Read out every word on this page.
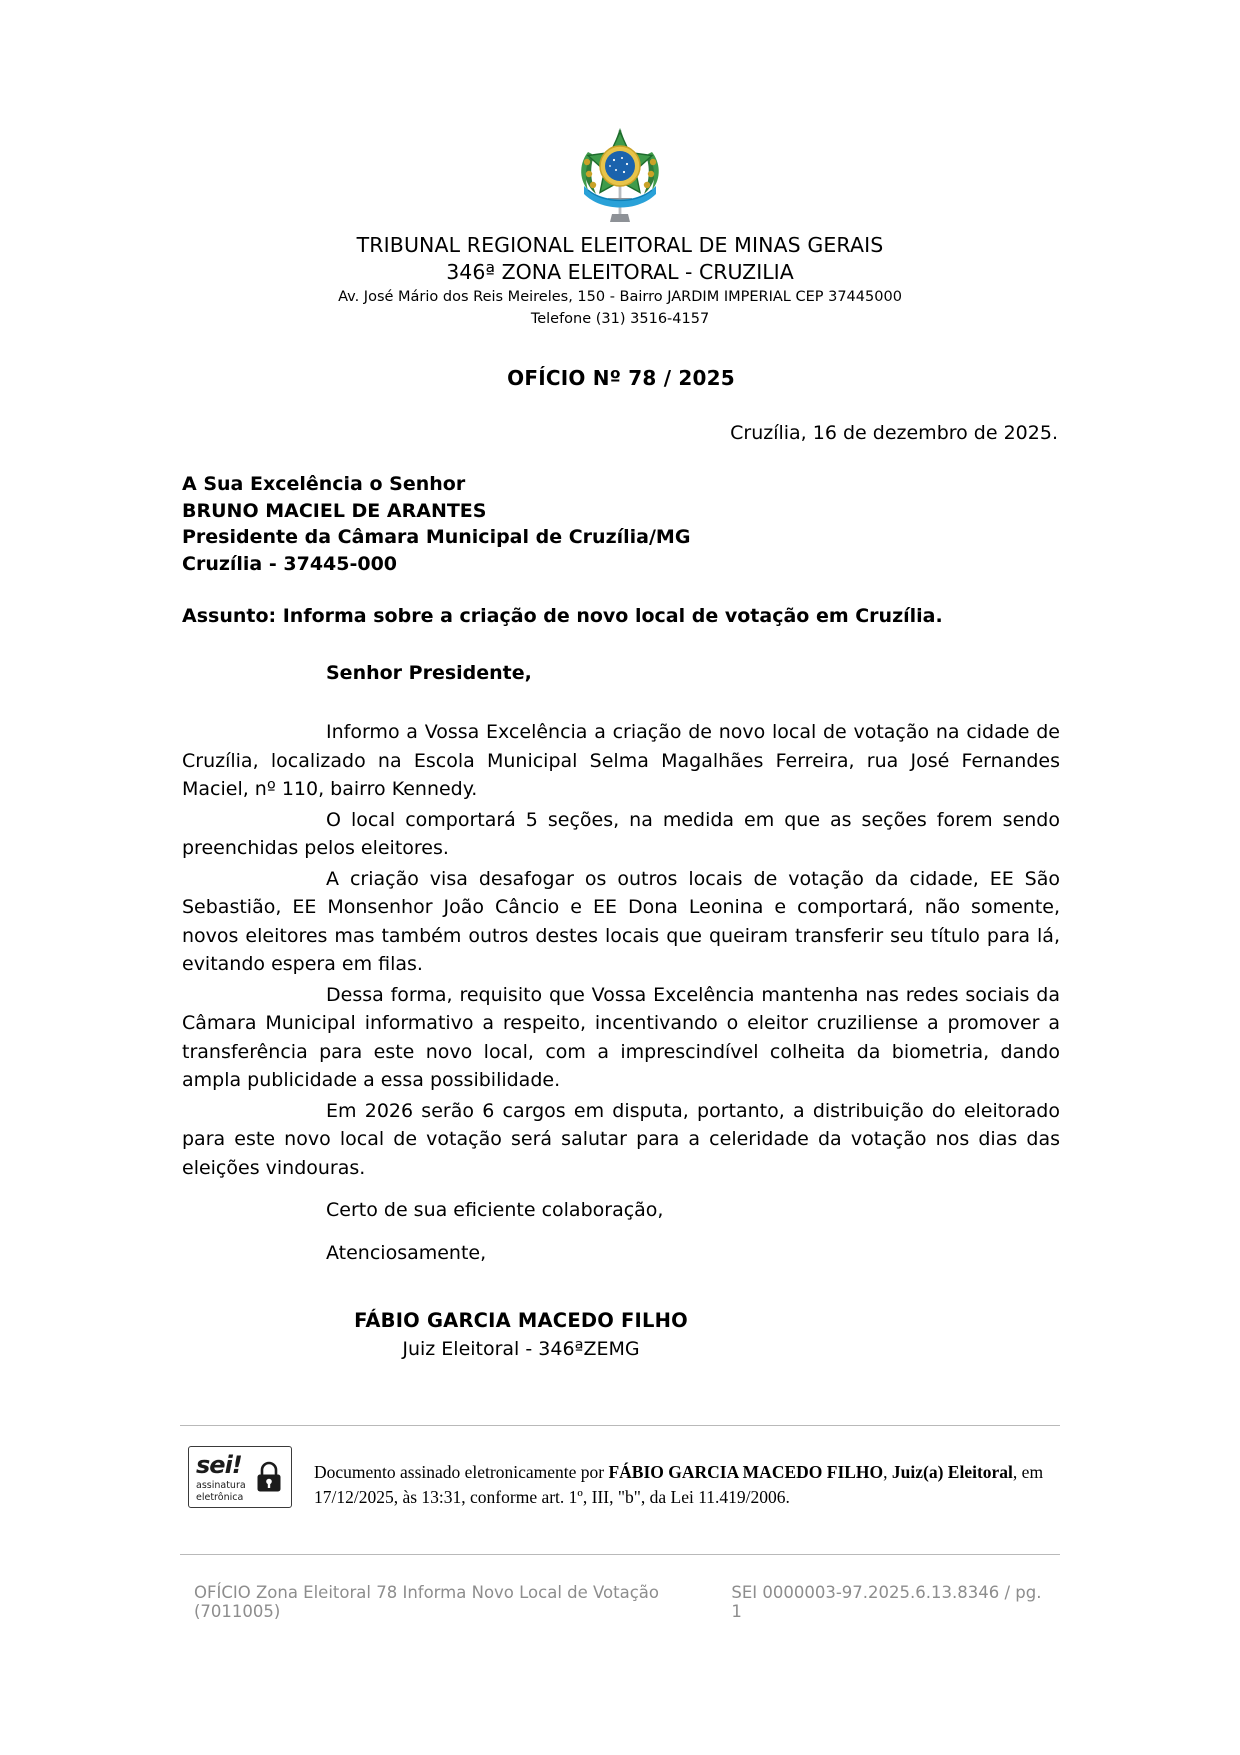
TRIBUNAL REGIONAL ELEITORAL DE MINAS GERAIS
346ª ZONA ELEITORAL - CRUZILIA
Av. José Mário dos Reis Meireles, 150 - Bairro JARDIM IMPERIAL CEP 37445000
Telefone (31) 3516-4157
OFÍCIO Nº 78 / 2025
Cruzília, 16 de dezembro de 2025.
A Sua Excelência o Senhor
BRUNO MACIEL DE ARANTES
Presidente da Câmara Municipal de Cruzília/MG
Cruzília - 37445-000
Assunto: Informa sobre a criação de novo local de votação em Cruzília.
Senhor Presidente,
Informo a Vossa Excelência a criação de novo local de votação na cidade de Cruzília, localizado na Escola Municipal Selma Magalhães Ferreira, rua José Fernandes Maciel, nº 110, bairro Kennedy.
O local comportará 5 seções, na medida em que as seções forem sendo preenchidas pelos eleitores.
A criação visa desafogar os outros locais de votação da cidade, EE São Sebastião, EE Monsenhor João Câncio e EE Dona Leonina e comportará, não somente, novos eleitores mas também outros destes locais que queiram transferir seu título para lá, evitando espera em filas.
Dessa forma, requisito que Vossa Excelência mantenha nas redes sociais da Câmara Municipal informativo a respeito, incentivando o eleitor cruziliense a promover a transferência para este novo local, com a imprescindível colheita da biometria, dando ampla publicidade a essa possibilidade.
Em 2026 serão 6 cargos em disputa, portanto, a distribuição do eleitorado para este novo local de votação será salutar para a celeridade da votação nos dias das eleições vindouras.
Certo de sua eficiente colaboração,
Atenciosamente,
FÁBIO GARCIA MACEDO FILHO
Juiz Eleitoral - 346ªZEMG
sei!
assinatura
eletrônica
Documento assinado eletronicamente por FÁBIO GARCIA MACEDO FILHO, Juiz(a) Eleitoral, em
17/12/2025, às 13:31, conforme art. 1º, III, "b", da Lei 11.419/2006.
OFÍCIO Zona Eleitoral 78 Informa Novo Local de Votação (7011005)
SEI 0000003-97.2025.6.13.8346 / pg. 1
